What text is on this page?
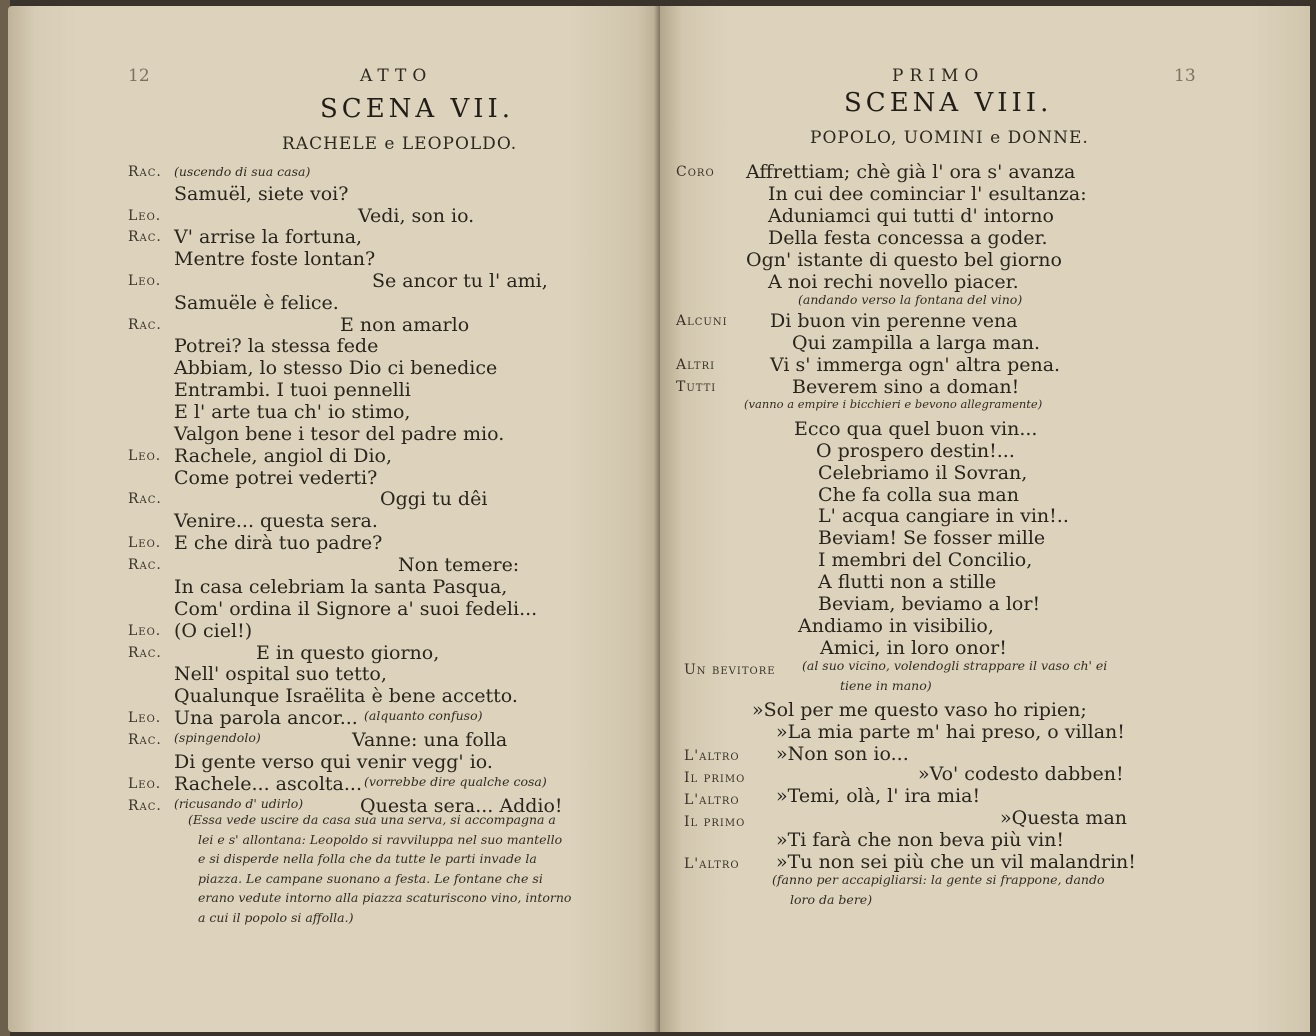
12	ATTO
SCENA VII.
RACHELE e LEOPOLDO.
Rac. (uscendo di sua casa)
Samuël, siete voi?
Leo.	Vedi, son io.
Rac. V' arrise la fortuna,
Mentre foste lontan?
Leo.	Se ancor tu l' ami,
Samuële è felice.
Rac.	E non amarlo
Potrei? la stessa fede
Abbiam, lo stesso Dio ci benedice
Entrambi. I tuoi pennelli
E l' arte tua ch' io stimo,
Valgon bene i tesor del padre mio.
Leo. Rachele, angiol di Dio,
Come potrei vederti?
Rac.	Oggi tu dêi
Venire... questa sera.
Leo. E che dirà tuo padre?
Rac.	Non temere:
In casa celebriam la santa Pasqua,
Com' ordina il Signore a' suoi fedeli...
Leo. (O ciel!)
Rac.	E in questo giorno,
Nell' ospital suo tetto,
Qualunque Israëlita è bene accetto.
Leo. Una parola ancor... (alquanto confuso)
Rac. (spingendolo)	Vanne: una folla
Di gente verso qui venir vegg' io.
Leo. Rachele... ascolta... (vorrebbe dire qualche cosa)
Rac. (ricusando d' udirlo)	Questa sera... Addio!
(Essa vede uscire da casa sua una serva, si accompagna a
lei e s' allontana: Leopoldo si ravviluppa nel suo mantello
e si disperde nella folla che da tutte le parti invade la
piazza. Le campane suonano a festa. Le fontane che si
erano vedute intorno alla piazza scaturiscono vino, intorno
a cui il popolo si affolla.)
PRIMO	13
SCENA VIII.
POPOLO, UOMINI e DONNE.
Coro Affrettiam; chè già l' ora s' avanza
In cui dee cominciar l' esultanza:
Aduniamci qui tutti d' intorno
Della festa concessa a goder.
Ogn' istante di questo bel giorno
A noi rechi novello piacer.
(andando verso la fontana del vino)
Alcuni Di buon vin perenne vena
Qui zampilla a larga man.
Altri	Vi s' immerga ogn' altra pena.
Tutti	Beverem sino a doman!
(vanno a empire i bicchieri e bevono allegramente)
Ecco qua quel buon vin...
O prospero destin!...
Celebriamo il Sovran,
Che fa colla sua man
L' acqua cangiare in vin!..
Beviam! Se fosser mille
I membri del Concilio,
A flutti non a stille
Beviam, beviamo a lor!
Andiamo in visibilio,
Amici, in loro onor!
Un bevitore (al suo vicino, volendogli strappare il vaso ch' ei
tiene in mano)
»Sol per me questo vaso ho ripien;
»La mia parte m' hai preso, o villan!
L'altro »Non son io...
Il primo	»Vo' codesto dabben!
L'altro »Temi, olà, l' ira mia!
Il primo	»Questa man
»Ti farà che non beva più vin!
L'altro »Tu non sei più che un vil malandrin!
(fanno per accapigliarsi: la gente si frappone, dando
loro da bere)
